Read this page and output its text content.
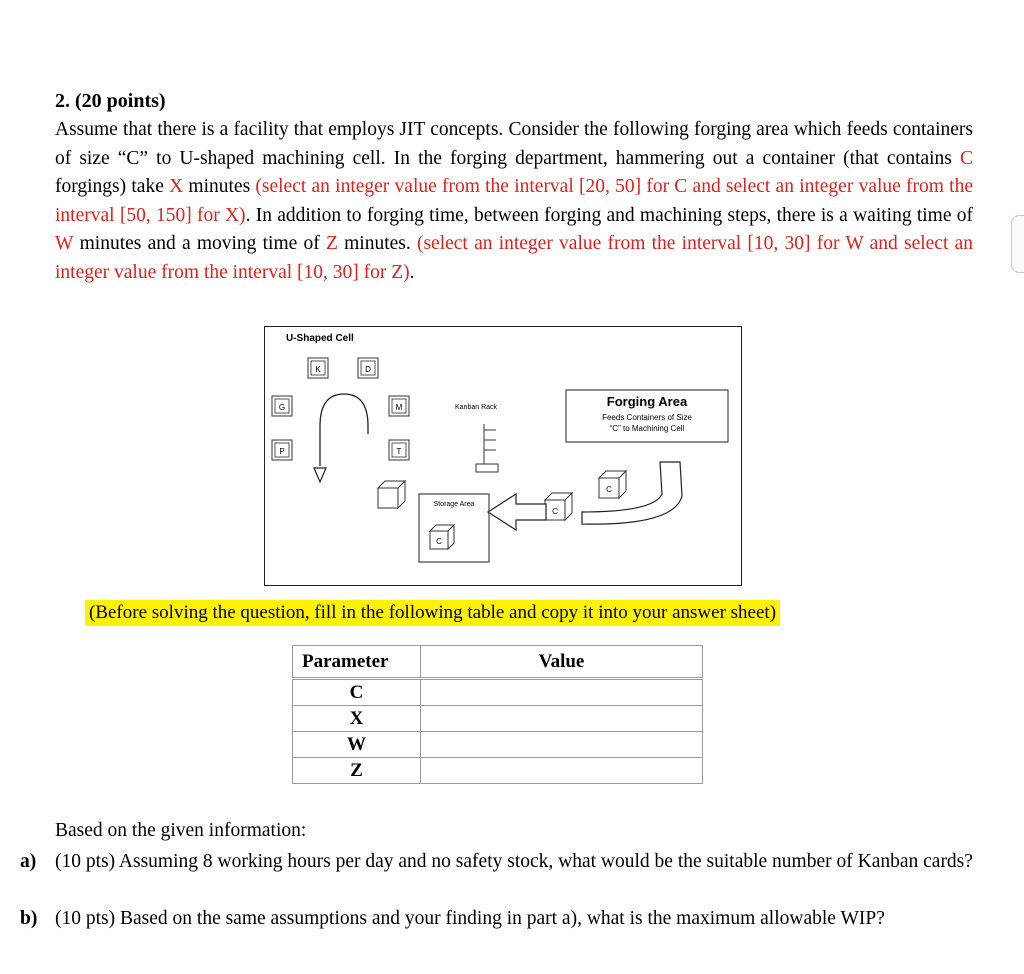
2. (20 points)
Assume that there is a facility that employs JIT concepts. Consider the following forging area which feeds containers of size “C” to U-shaped machining cell. In the forging department, hammering out a container (that contains C forgings) take X minutes (select an integer value from the interval [20, 50] for C and select an integer value from the interval [50, 150] for X). In addition to forging time, between forging and machining steps, there is a waiting time of W minutes and a moving time of Z minutes. (select an integer value from the interval [10, 30] for W and select an integer value from the interval [10, 30] for Z).
U-Shaped Cell
K	D
G	M
P	T
Kanban Rack	Forging Area
Feeds Containers of Size
“C” to Machining Cell
C
C
Storage Area
C
(Before solving the question, fill in the following table and copy it into your answer sheet)
Parameter	Value
C	
X	
W	
Z	
Based on the given information:
a) (10 pts) Assuming 8 working hours per day and no safety stock, what would be the suitable number of Kanban cards?
b) (10 pts) Based on the same assumptions and your finding in part a), what is the maximum allowable WIP?
